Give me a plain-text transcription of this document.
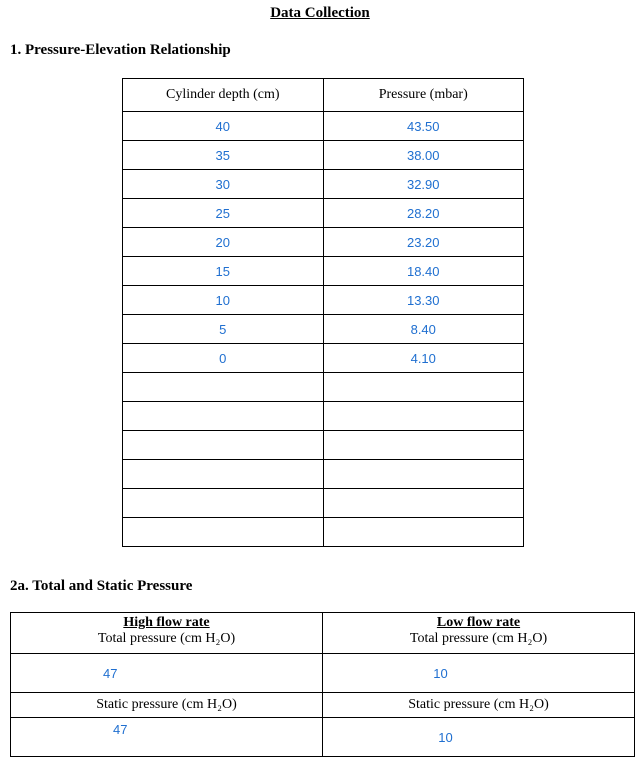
Data Collection
1. Pressure-Elevation Relationship
Cylinder depth (cm)	Pressure (mbar)
40	43.50
35	38.00
30	32.90
25	28.20
20	23.20
15	18.40
10	13.30
5	8.40
0	4.10

2a. Total and Static Pressure
High flow rate	Low flow rate
Total pressure (cm H₂O)	Total pressure (cm H₂O)
47	10
Static pressure (cm H₂O)	Static pressure (cm H₂O)
47	10
